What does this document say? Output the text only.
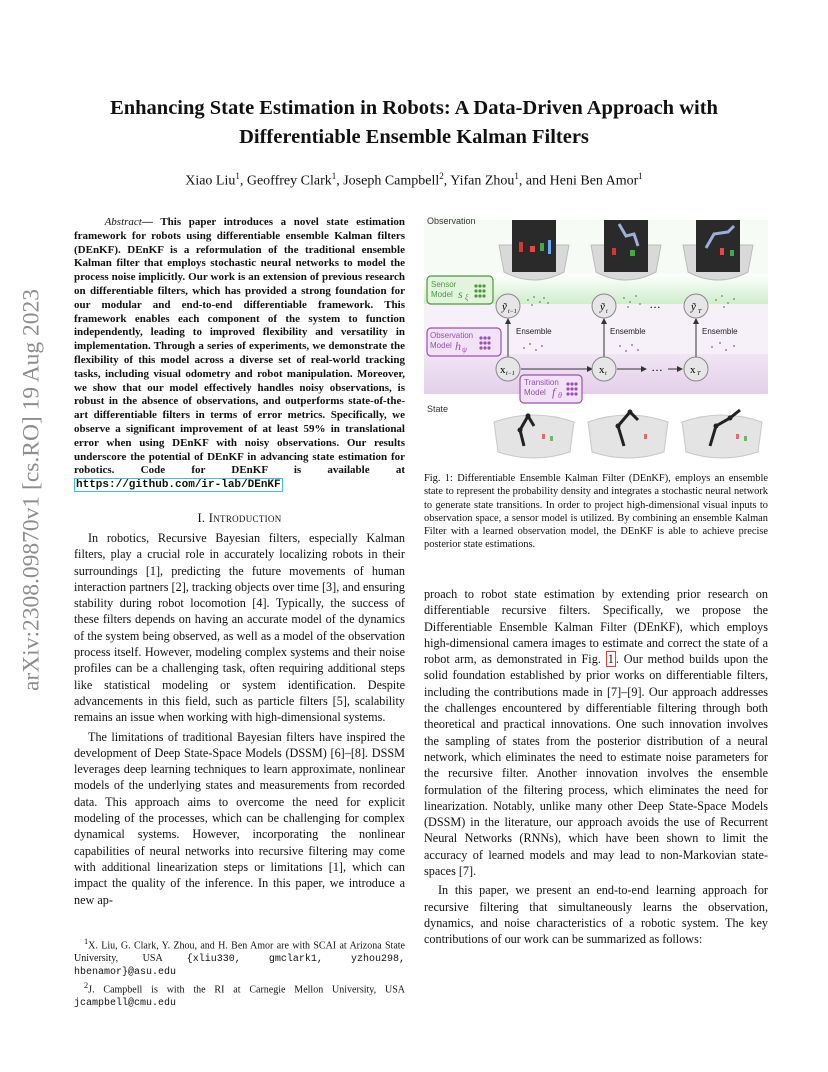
Enhancing State Estimation in Robots: A Data-Driven Approach with Differentiable Ensemble Kalman Filters
Xiao Liu$^1$, Geoffrey Clark$^1$, Joseph Campbell$^2$, Yifan Zhou$^1$, and Heni Ben Amor$^1$
arXiv:2308.09870v1 [cs.RO] 19 Aug 2023
Abstract— This paper introduces a novel state estimation framework for robots using differentiable ensemble Kalman filters (DEnKF). DEnKF is a reformulation of the traditional ensemble Kalman filter that employs stochastic neural networks to model the process noise implicitly. Our work is an extension of previous research on differentiable filters, which has provided a strong foundation for our modular and end-to-end differentiable framework. This framework enables each component of the system to function independently, leading to improved flexibility and versatility in implementation. Through a series of experiments, we demonstrate the flexibility of this model across a diverse set of real-world tracking tasks, including visual odometry and robot manipulation. Moreover, we show that our model effectively handles noisy observations, is robust in the absence of observations, and outperforms state-of-the-art differentiable filters in terms of error metrics. Specifically, we observe a significant improvement of at least 59% in translational error when using DEnKF with noisy observations. Our results underscore the potential of DEnKF in advancing state estimation for robotics. Code for DEnKF is available at https://github.com/ir-lab/DEnKF
I. Introduction

In robotics, Recursive Bayesian filters, especially Kalman filters, play a crucial role in accurately localizing robots in their surroundings [1], predicting the future movements of human interaction partners [2], tracking objects over time [3], and ensuring stability during robot locomotion [4]. Typically, the success of these filters depends on having an accurate model of the dynamics of the system being observed, as well as a model of the observation process itself. However, modeling complex systems and their noise profiles can be a challenging task, often requiring additional steps like statistical modeling or system identification. Despite advancements in this field, such as particle filters [5], scalability remains an issue when working with high-dimensional systems.

The limitations of traditional Bayesian filters have inspired the development of Deep State-Space Models (DSSM) [6]–[8]. DSSM leverages deep learning techniques to learn approximate, nonlinear models of the underlying states and measurements from recorded data. This approach aims to overcome the need for explicit modeling of the processes, which can be challenging for complex dynamical systems. However, incorporating the nonlinear capabilities of neural networks into recursive filtering may come with additional linearization steps or limitations [1], which can impact the quality of the inference. In this paper, we introduce a new ap-

$^1$X. Liu, G. Clark, Y. Zhou, and H. Ben Amor are with SCAI at Arizona State University, USA {xliu330, gmclark1, yzhou298, hbenamor}@asu.edu

$^2$J. Campbell is with the RI at Carnegie Mellon University, USA jcampbell@cmu.edu

Observation
State
Sensor
Model s ξ
Observation
Model h ψ
Transition
Model f θ
Ensemble	Ensemble	Ensemble
ỹ t−1	ỹ t	ỹ T
x t−1	x t	x T
…
…
Fig. 1: Differentiable Ensemble Kalman Filter (DEnKF), employs an ensemble state to represent the probability density and integrates a stochastic neural network to generate state transitions. In order to project high-dimensional visual inputs to observation space, a sensor model is utilized. By combining an ensemble Kalman Filter with a learned observation model, the DEnKF is able to achieve precise posterior state estimations.

proach to robot state estimation by extending prior research on differentiable recursive filters. Specifically, we propose the Differentiable Ensemble Kalman Filter (DEnKF), which employs high-dimensional camera images to estimate and correct the state of a robot arm, as demonstrated in Fig. 1 . Our method builds upon the solid foundation established by prior works on differentiable filters, including the contributions made in [7]–[9]. Our approach addresses the challenges encountered by differentiable filtering through both theoretical and practical innovations. One such innovation involves the sampling of states from the posterior distribution of a neural network, which eliminates the need to estimate noise parameters for the recursive filter. Another innovation involves the ensemble formulation of the filtering process, which eliminates the need for linearization. Notably, unlike many other Deep State-Space Models (DSSM) in the literature, our approach avoids the use of Recurrent Neural Networks (RNNs), which have been shown to limit the accuracy of learned models and may lead to non-Markovian state-spaces [7].

In this paper, we present an end-to-end learning approach for recursive filtering that simultaneously learns the observation, dynamics, and noise characteristics of a robotic system. The key contributions of our work can be summarized as follows:
